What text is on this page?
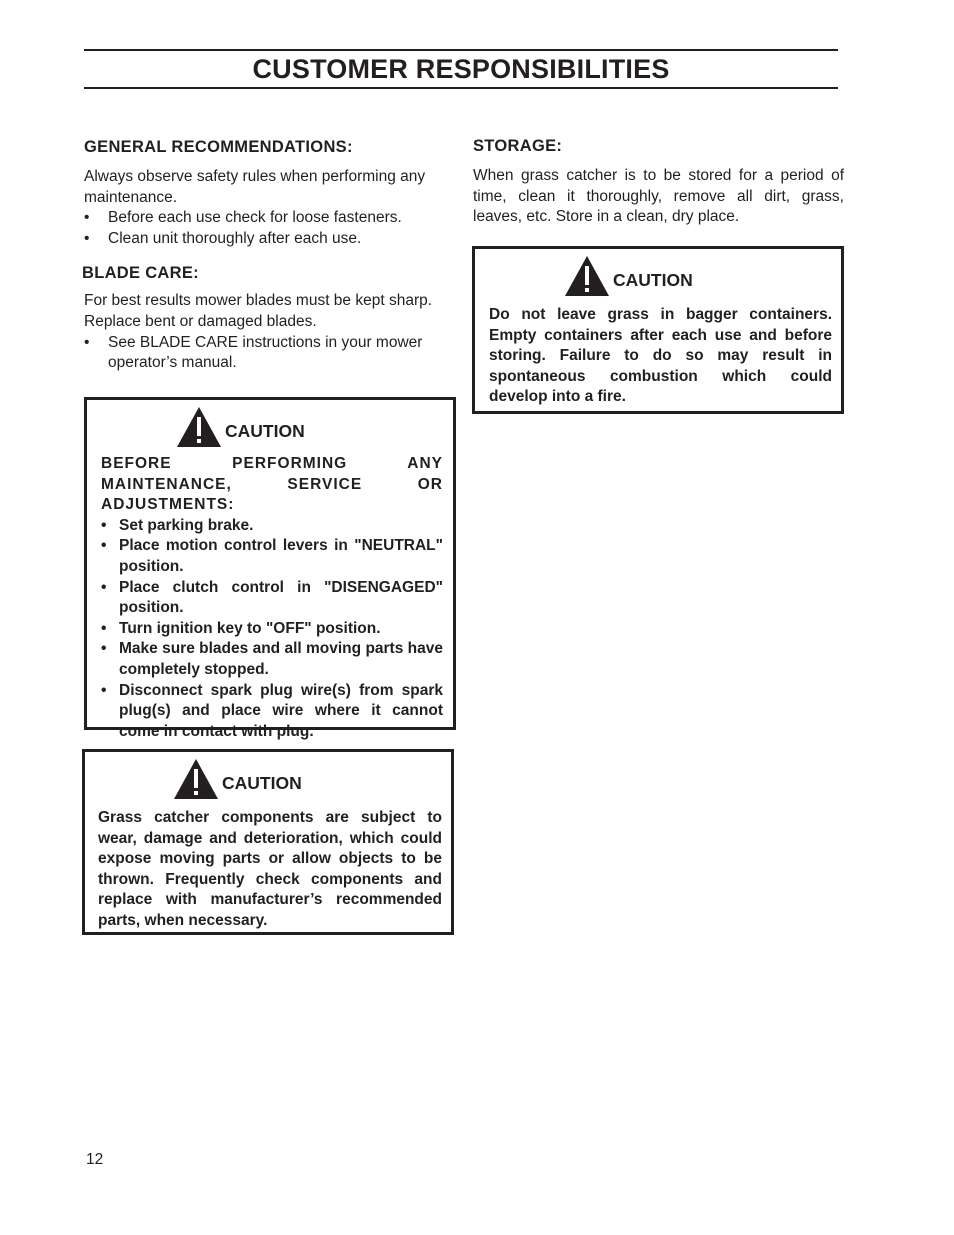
CUSTOMER RESPONSIBILITIES
GENERAL RECOMMENDATIONS:

Always observe safety rules when performing any maintenance.

• Before each use check for loose fasteners.
• Clean unit thoroughly after each use.
BLADE CARE:

For best results mower blades must be kept sharp. Replace bent or damaged blades.

• See BLADE CARE instructions in your mower operator’s manual.
CAUTION
BEFORE PERFORMING ANY MAINTENANCE, SERVICE OR ADJUSTMENTS:
• Set parking brake.
• Place motion control levers in "NEUTRAL" position.
• Place clutch control in "DISENGAGED" position.
• Turn ignition key to "OFF" position.
• Make sure blades and all moving parts have completely stopped.
• Disconnect spark plug wire(s) from spark plug(s) and place wire where it cannot come in contact with plug.
CAUTION
Grass catcher components are subject to wear, damage and deterioration, which could expose moving parts or allow objects to be thrown. Frequently check components and replace with manufacturer’s recommended parts, when necessary.
STORAGE:

When grass catcher is to be stored for a period of time, clean it thoroughly, remove all dirt, grass, leaves, etc. Store in a clean, dry place.

CAUTION
Do not leave grass in bagger containers. Empty containers after each use and before storing. Failure to do so may result in spontaneous combustion which could develop into a fire.
12
